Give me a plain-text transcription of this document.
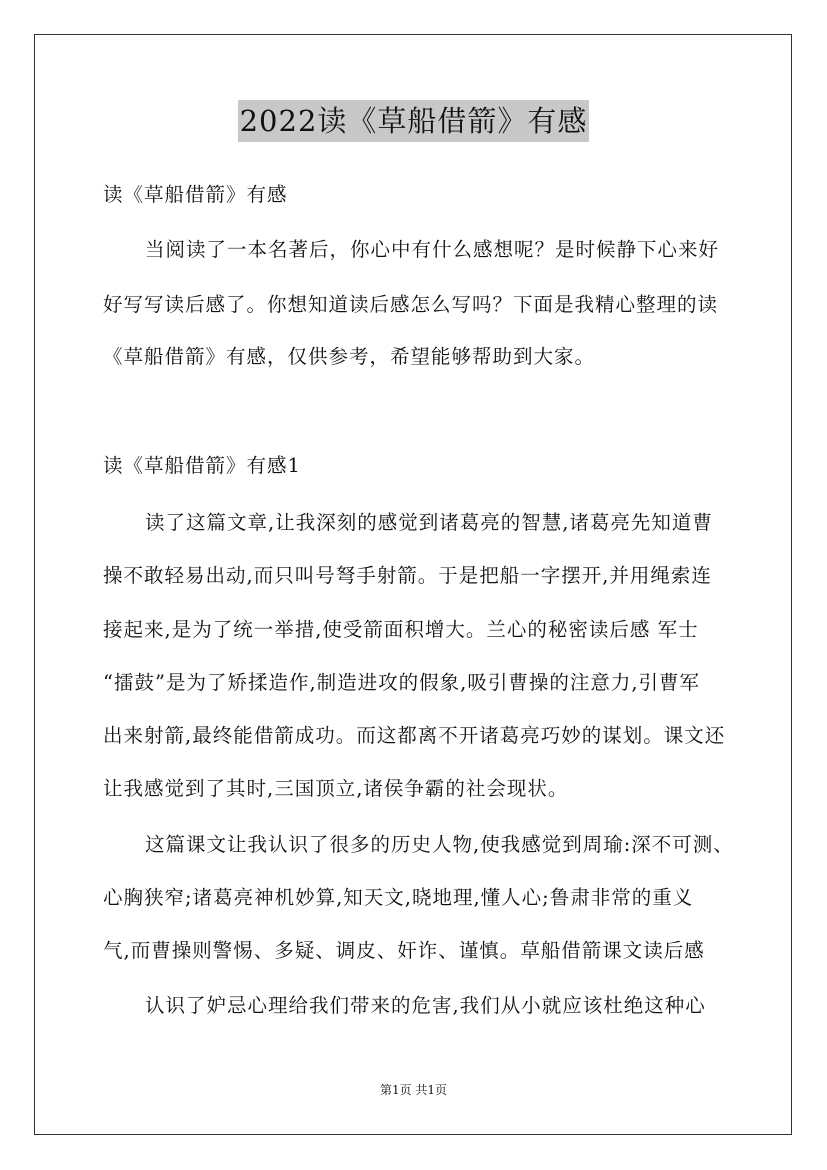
2022读《草船借箭》有感
读《草船借箭》有感
当阅读了一本名著后，你心中有什么感想呢？是时候静下心来好
好写写读后感了。你想知道读后感怎么写吗？下面是我精心整理的读
《草船借箭》有感，仅供参考，希望能够帮助到大家。
读《草船借箭》有感1
读了这篇文章,让我深刻的感觉到诸葛亮的智慧,诸葛亮先知道曹
操不敢轻易出动,而只叫号弩手射箭。于是把船一字摆开,并用绳索连
接起来,是为了统一举措,使受箭面积增大。兰心的秘密读后感 军士
“擂鼓”是为了矫揉造作,制造进攻的假象,吸引曹操的注意力,引曹军
出来射箭,最终能借箭成功。而这都离不开诸葛亮巧妙的谋划。课文还
让我感觉到了其时,三国顶立,诸侯争霸的社会现状。
这篇课文让我认识了很多的历史人物,使我感觉到周瑜:深不可测、
心胸狭窄;诸葛亮神机妙算,知天文,晓地理,懂人心;鲁肃非常的重义
气,而曹操则警惕、多疑、调皮、奸诈、谨慎。草船借箭课文读后感
认识了妒忌心理给我们带来的危害,我们从小就应该杜绝这种心
第1页 共1页
